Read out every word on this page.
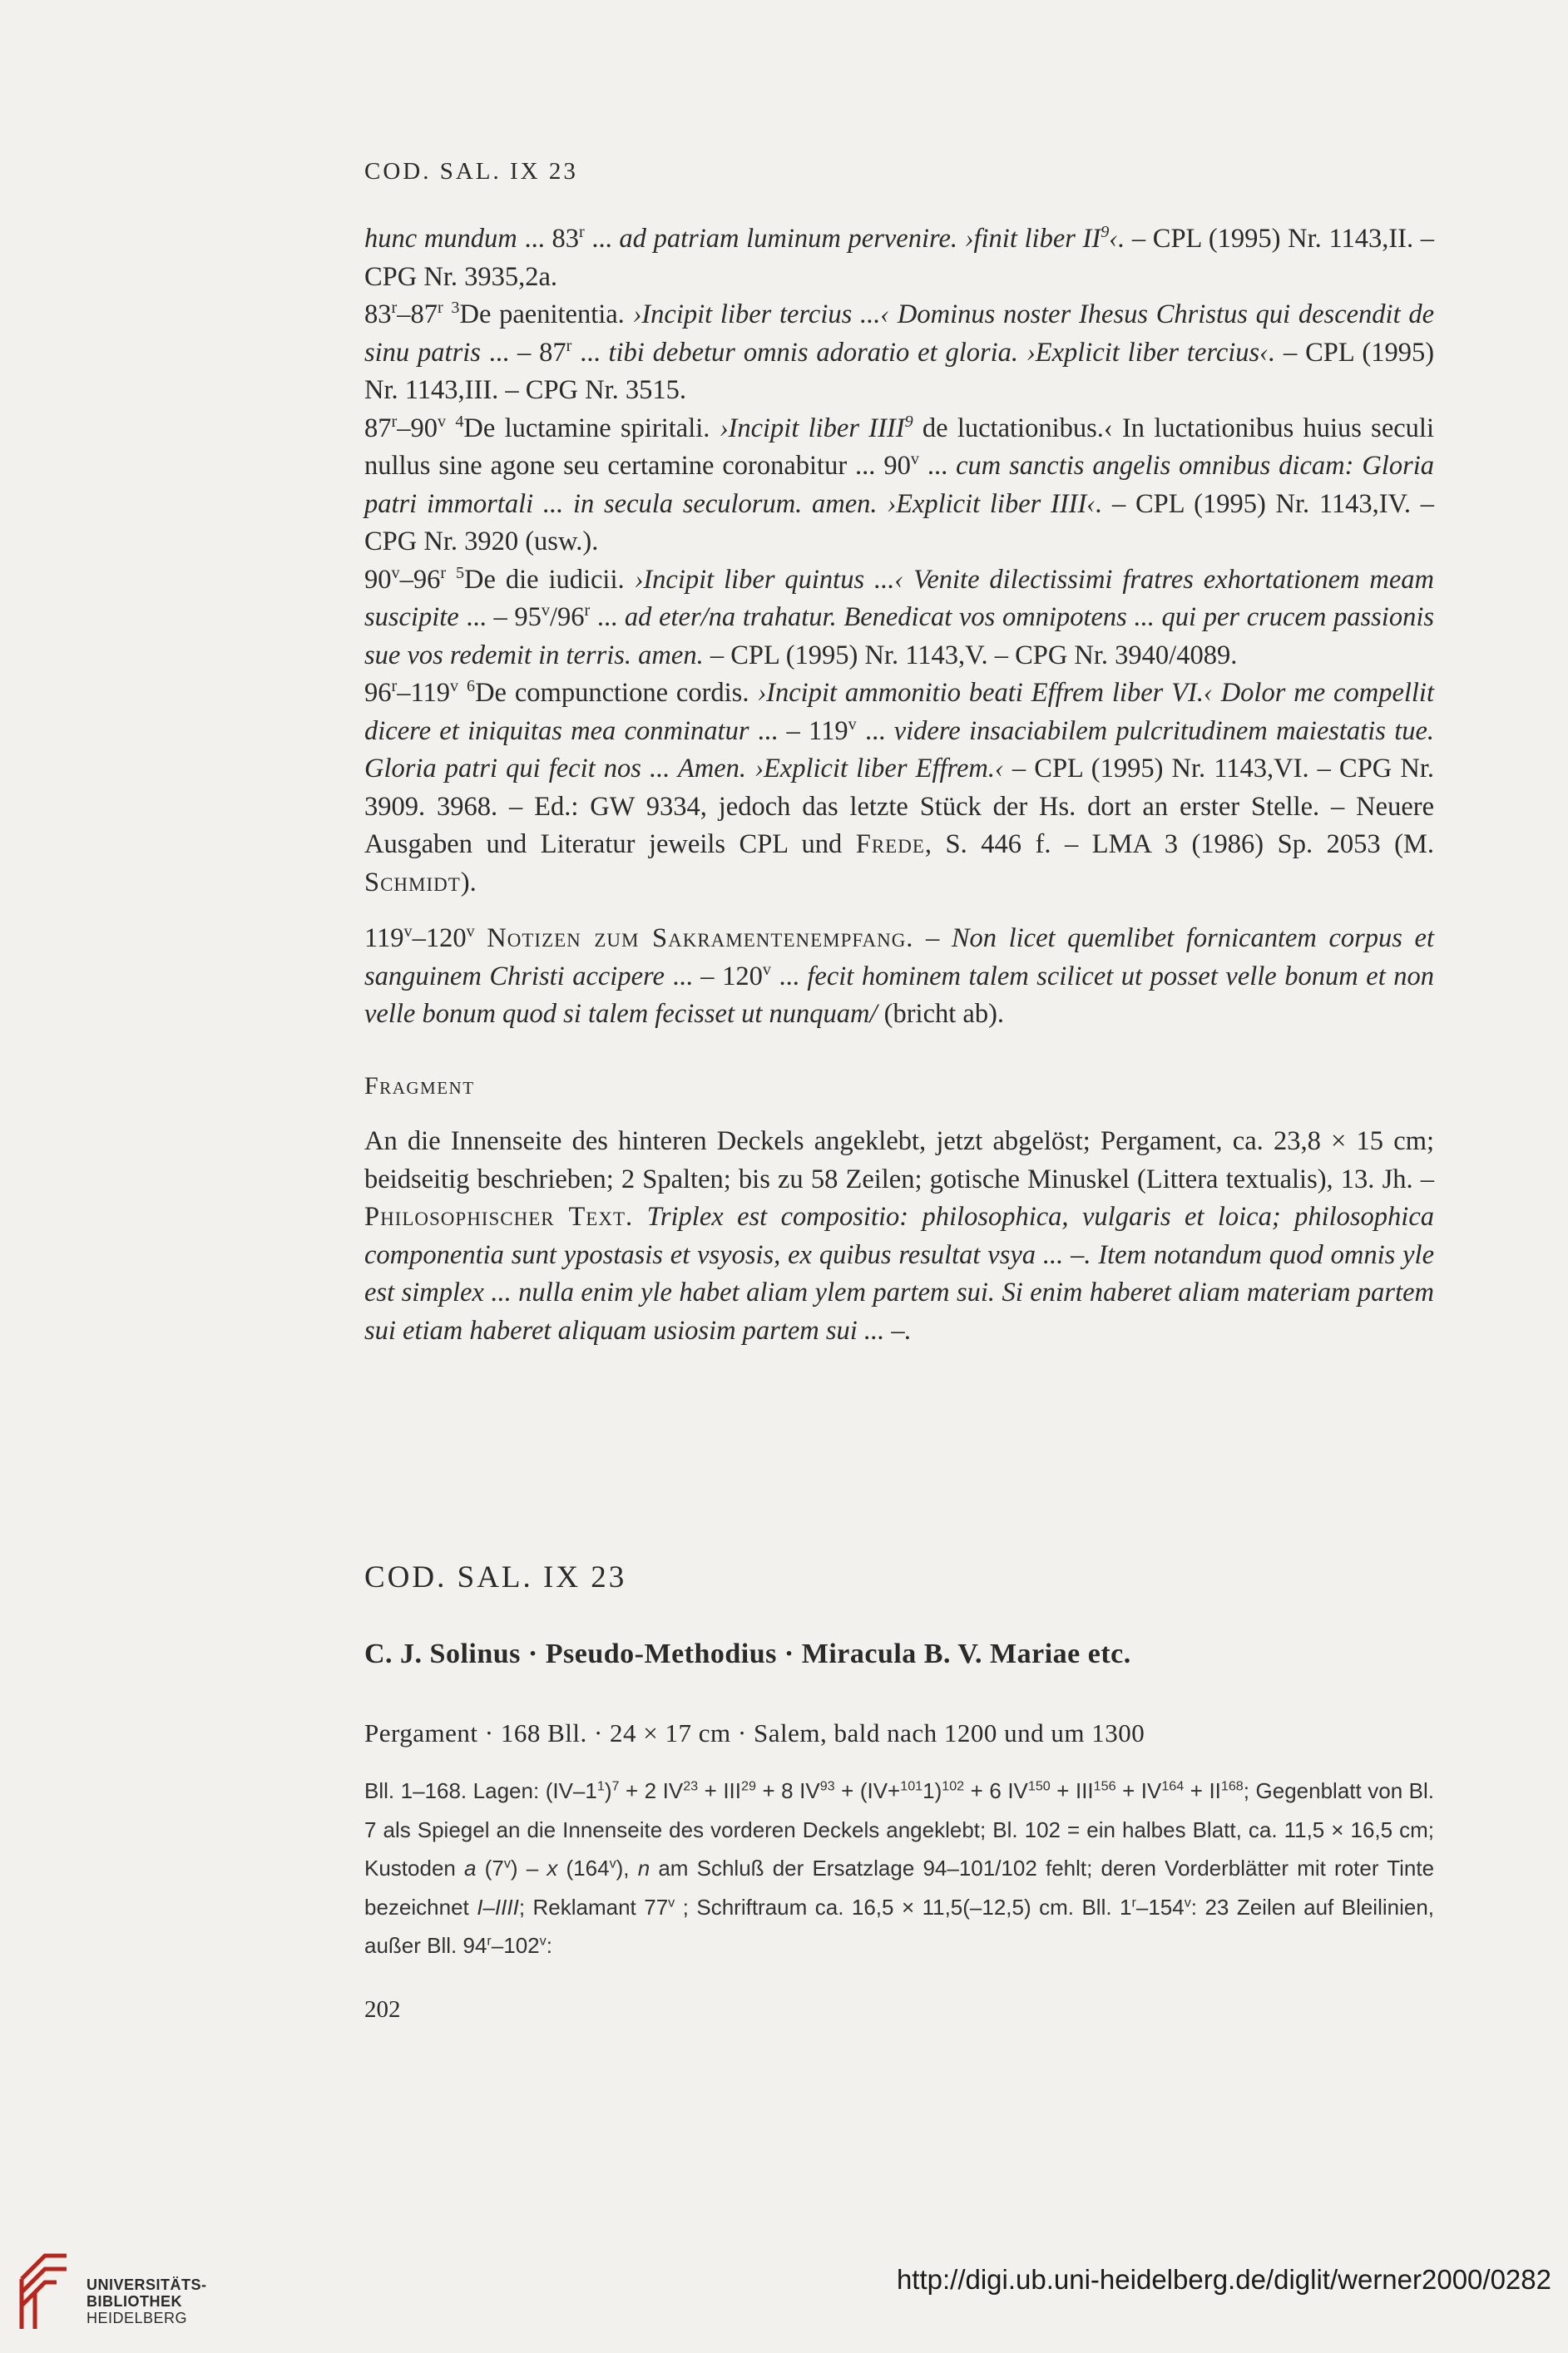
COD. SAL. IX 23

hunc mundum ... 83$^r$ ... ad patriam luminum pervenire. ›finit liber $II^9‹$. – CPL (1995) Nr. 1143,II. – CPG Nr. 3935,2a.

83$^r$–87$^r$ $^3$De paenitentia. ›Incipit liber tercius ...‹ Dominus noster Ihesus Christus qui descendit de sinu patris ... – 87$^r$ ... tibi debetur omnis adoratio et gloria. ›Explicit liber tercius‹. – CPL (1995) Nr. 1143,III. – CPG Nr. 3515.

87$^r$–90$^v$ $^4$De luctamine spiritali. ›Incipit liber IIII$^9$ de luctationibus.‹ In luctationibus huius seculi nullus sine agone seu certamine coronabitur ... 90$^v$ ... cum sanctis angelis omnibus dicam: Gloria patri immortali ... in secula seculorum. amen. ›Explicit liber IIII‹. – CPL (1995) Nr. 1143,IV. – CPG Nr. 3920 (usw.).

90$^v$–96$^r$ $^5$De die iudicii. ›Incipit liber quintus ...‹ Venite dilectissimi fratres exhortationem meam suscipite ... – 95$^v$/96$^r$ ... ad eter/na trahatur. Benedicat vos omnipotens ... qui per crucem passionis sue vos redemit in terris. amen. – CPL (1995) Nr. 1143,V. – CPG Nr. 3940/4089.

96$^r$–119$^v$ $^6$De compunctione cordis. ›Incipit ammonitio beati Effrem liber VI.‹ Dolor me compellit dicere et iniquitas mea conminatur ... – 119$^v$ ... videre insaciabilem pulcritudinem maiestatis tue. Gloria patri qui fecit nos ... Amen. ›Explicit liber Effrem.‹ – CPL (1995) Nr. 1143,VI. – CPG Nr. 3909. 3968. – Ed.: GW 9334, jedoch das letzte Stück der Hs. dort an erster Stelle. – Neuere Ausgaben und Literatur jeweils CPL und Frede, S. 446 f. – LMA 3 (1986) Sp. 2053 (M. Schmidt).

119$^v$–120$^v$ Notizen zum Sakramentenempfang. – Non licet quemlibet fornicantem corpus et sanguinem Christi accipere ... – 120$^v$ ... fecit hominem talem scilicet ut posset velle bonum et non velle bonum quod si talem fecisset ut nunquam/ (bricht ab).

Fragment

An die Innenseite des hinteren Deckels angeklebt, jetzt abgelöst; Pergament, ca. 23,8 × 15 cm; beidseitig beschrieben; 2 Spalten; bis zu 58 Zeilen; gotische Minuskel (Littera textualis), 13. Jh. – Philosophischer Text. Triplex est compositio: philosophica, vulgaris et loica; philosophica componentia sunt ypostasis et vsyosis, ex quibus resultat vsya ... –. Item notandum quod omnis yle est simplex ... nulla enim yle habet aliam ylem partem sui. Si enim haberet aliam materiam partem sui etiam haberet aliquam usiosim partem sui ... –.

COD. SAL. IX 23
C. J. Solinus · Pseudo-Methodius · Miracula B. V. Mariae etc.
Pergament · 168 Bll. · 24 × 17 cm · Salem, bald nach 1200 und um 1300
Bll. 1–168. Lagen: $(IV-1^1)^7 + 2$ $IV^{23} + III^{29} + 8$ $IV^{93} + (IV+^{101}1)^{102} + 6$ $IV^{150} + III^{156} + IV^{164} + II^{168}$; Gegenblatt von Bl. 7 als Spiegel an die Innenseite des vorderen Deckels angeklebt; Bl. 102 = ein halbes Blatt, ca. 11,5 × 16,5 cm; Kustoden a (7$^v$) – x (164$^v$), n am Schluß der Ersatzlage 94–101/102 fehlt; deren Vorderblätter mit roter Tinte bezeichnet I–IIII; Reklamant 77$^v$ ; Schriftraum ca. 16,5 × 11,5(–12,5) cm. Bll. 1$^r$–154$^v$: 23 Zeilen auf Bleilinien, außer Bll. 94$^r$–102$^v$:
202
UNIVERSITÄTS-
BIBLIOTHEK
HEIDELBERG
http://digi.ub.uni-heidelberg.de/diglit/werner2000/0282
